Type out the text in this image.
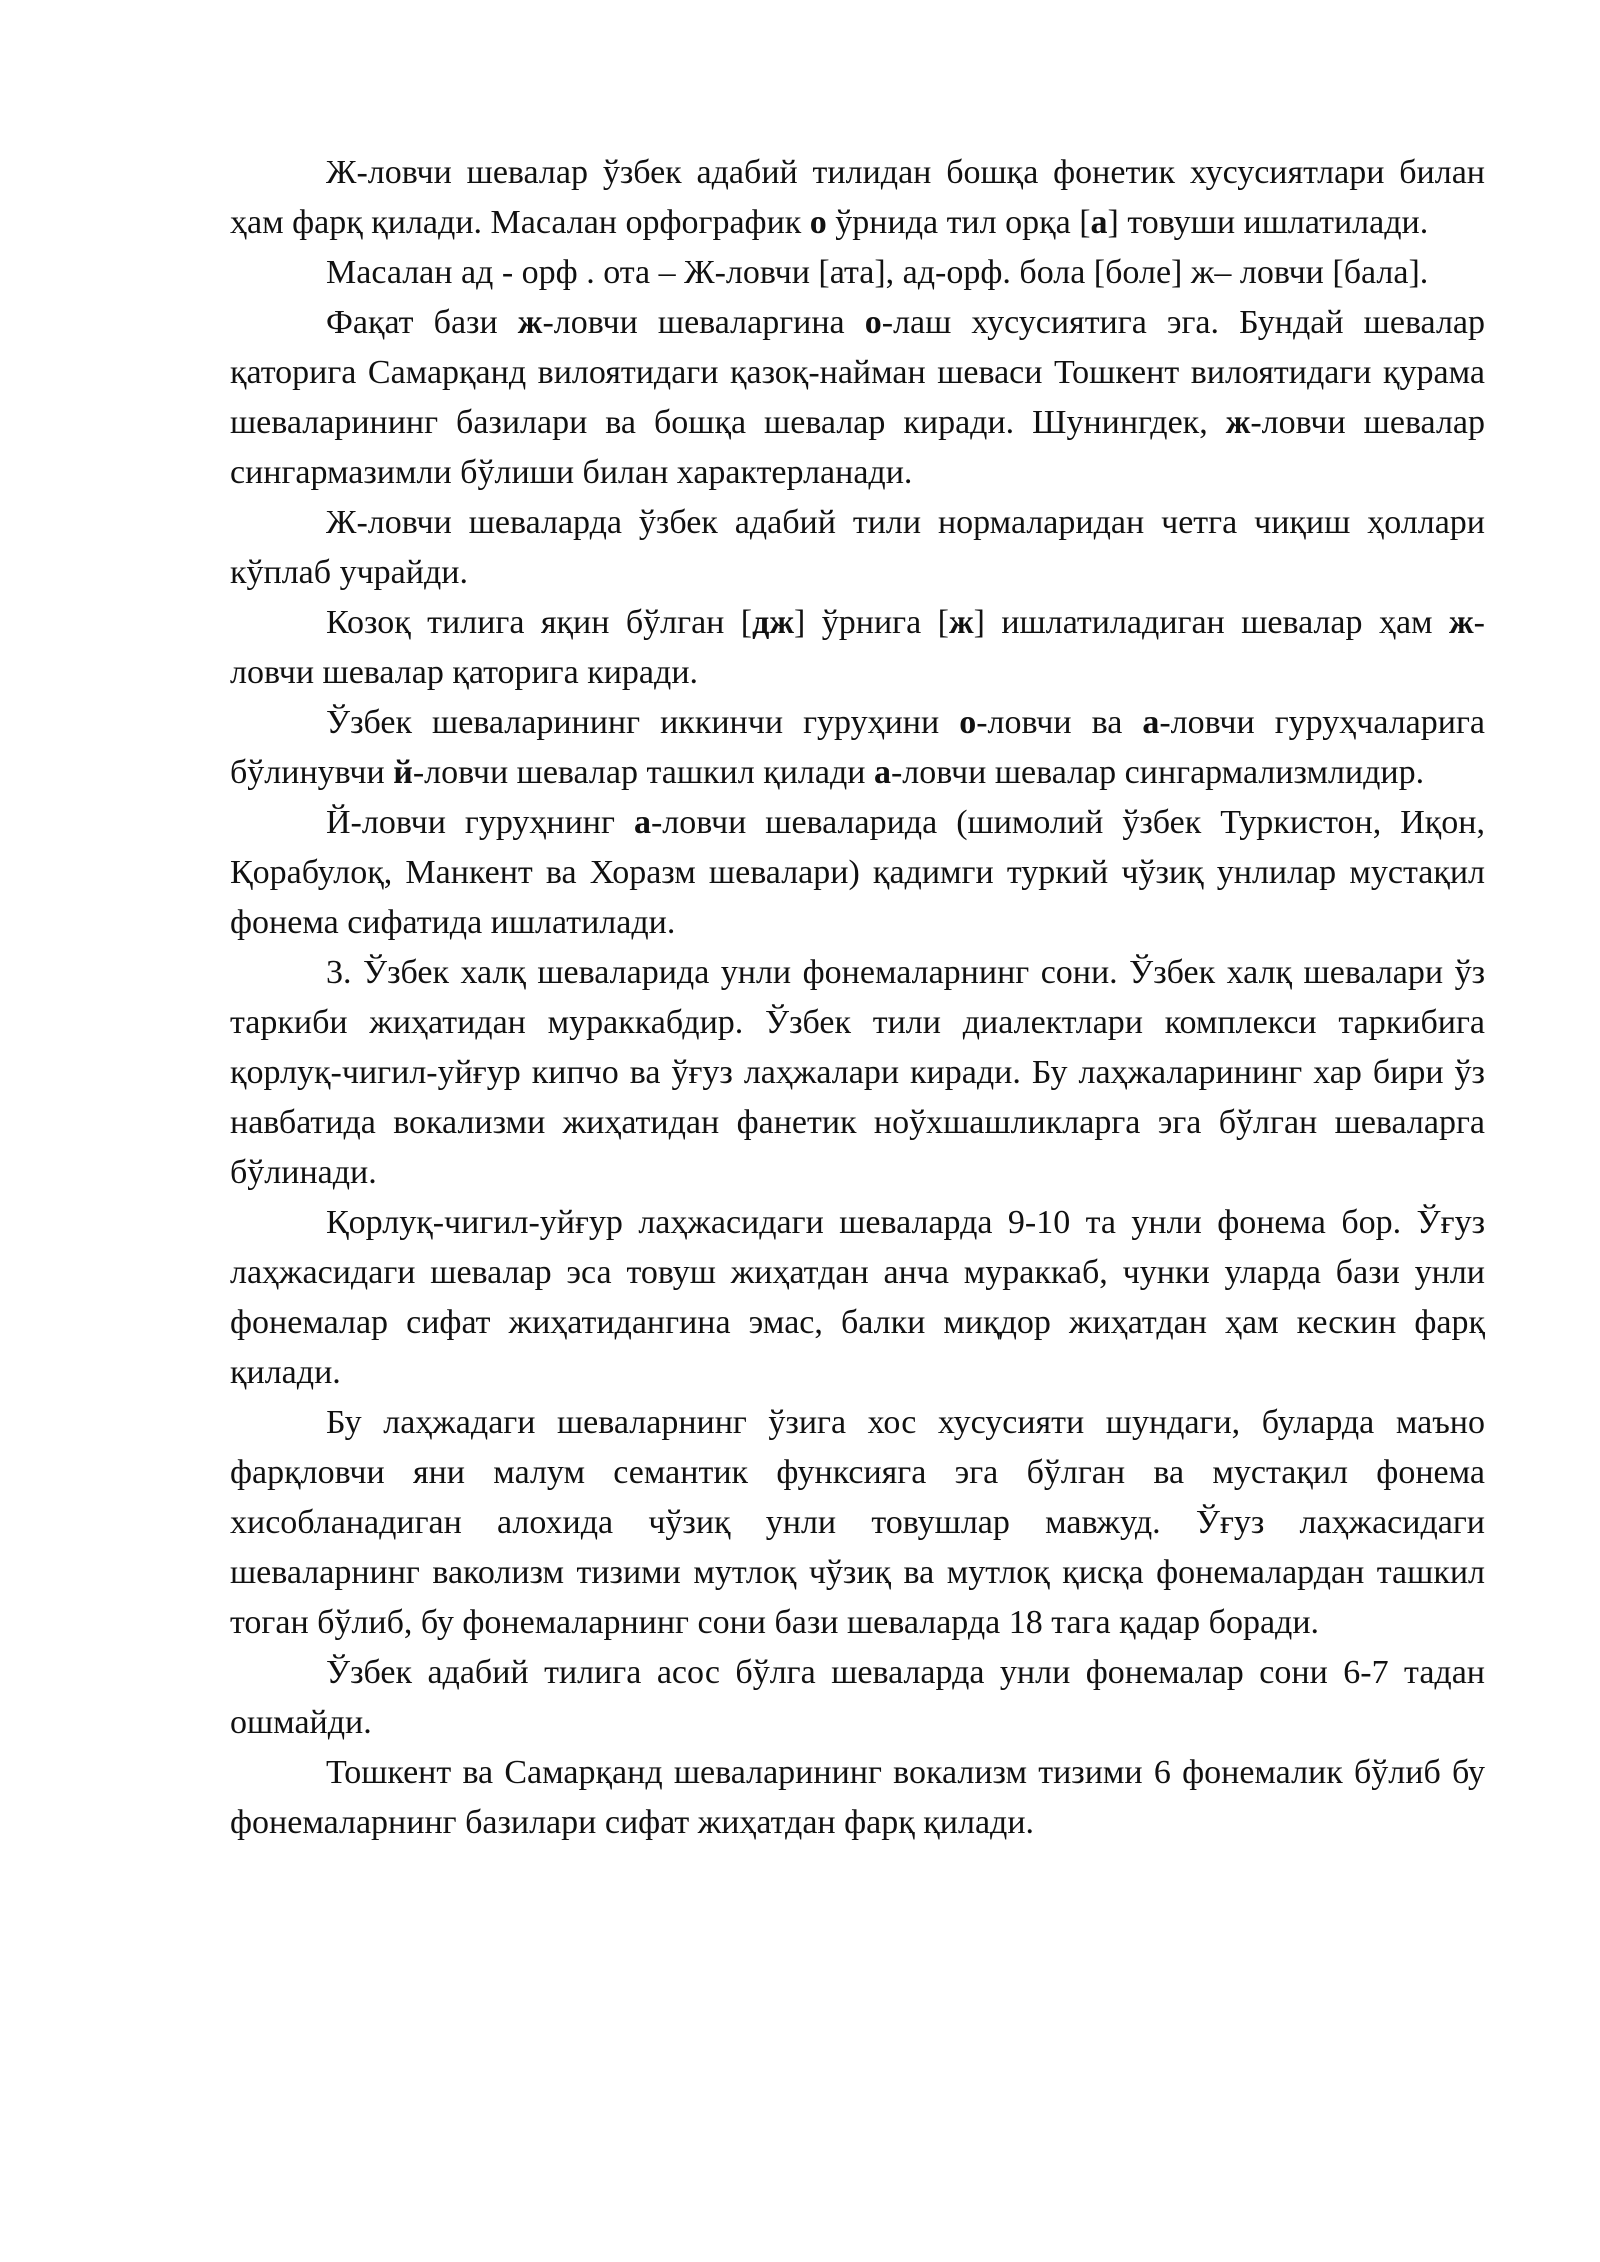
Ж-ловчи шевалар ўзбек адабий тилидан бошқа фонетик хусусиятлари билан ҳам фарқ қилади. Масалан орфографик о ўрнида тил орқа [а] товуши ишлатилади.

Масалан ад - орф . ота – Ж-ловчи [ата], ад-орф. бола [боле] ж– ловчи [бала].

Фақат бази ж-ловчи шеваларгина о-лаш хусусиятига эга. Бундай шевалар қаторига Самарқанд вилоятидаги қазоқ-найман шеваси Тошкент вилоятидаги қурама шеваларининг базилари ва бошқа шевалар киради. Шунингдек, ж-ловчи шевалар сингармазимли бўлиши билан характерланади.

Ж-ловчи шеваларда ўзбек адабий тили нормаларидан четга чиқиш ҳоллари кўплаб учрайди.

Козоқ тилига яқин бўлган [дж] ўрнига [ж] ишлатиладиган шевалар ҳам ж-ловчи шевалар қаторига киради.

Ўзбек шеваларининг иккинчи гуруҳини о-ловчи ва а-ловчи гуруҳчаларига бўлинувчи й-ловчи шевалар ташкил қилади а-ловчи шевалар сингармализмлидир.

Й-ловчи гуруҳнинг а-ловчи шеваларида (шимолий ўзбек Туркистон, Иқон, Қорабулоқ, Манкент ва Хоразм шевалари) қадимги туркий чўзиқ унлилар мустақил фонема сифатида ишлатилади.

3. Ўзбек халқ шеваларида унли фонемаларнинг сони. Ўзбек халқ шевалари ўз таркиби жиҳатидан мураккабдир. Ўзбек тили диалектлари комплекси таркибига қорлуқ-чигил-уйғур кипчо ва ўғуз лаҳжалари киради. Бу лаҳжаларининг хар бири ўз навбатида вокализми жиҳатидан фанетик ноўхшашликларга эга бўлган шеваларга бўлинади.

Қорлуқ-чигил-уйғур лаҳжасидаги шеваларда 9-10 та унли фонема бор. Ўғуз лаҳжасидаги шевалар эса товуш жиҳатдан анча мураккаб, чунки уларда бази унли фонемалар сифат жиҳатидангина эмас, балки миқдор жиҳатдан ҳам кескин фарқ қилади.

Бу лаҳжадаги шеваларнинг ўзига хос хусусияти шундаги, буларда маъно фарқловчи яни малум семантик функсияга эга бўлган ва мустақил фонема хисобланадиган алохида чўзиқ унли товушлар мавжуд. Ўғуз лаҳжасидаги шеваларнинг ваколизм тизими мутлоқ чўзиқ ва мутлоқ қисқа фонемалардан ташкил тоган бўлиб, бу фонемаларнинг сони бази шеваларда 18 тага қадар боради.

Ўзбек адабий тилига асос бўлга шеваларда унли фонемалар сони 6-7 тадан ошмайди.

Тошкент ва Самарқанд шеваларининг вокализм тизими 6 фонемалик бўлиб бу фонемаларнинг базилари сифат жиҳатдан фарқ қилади.
